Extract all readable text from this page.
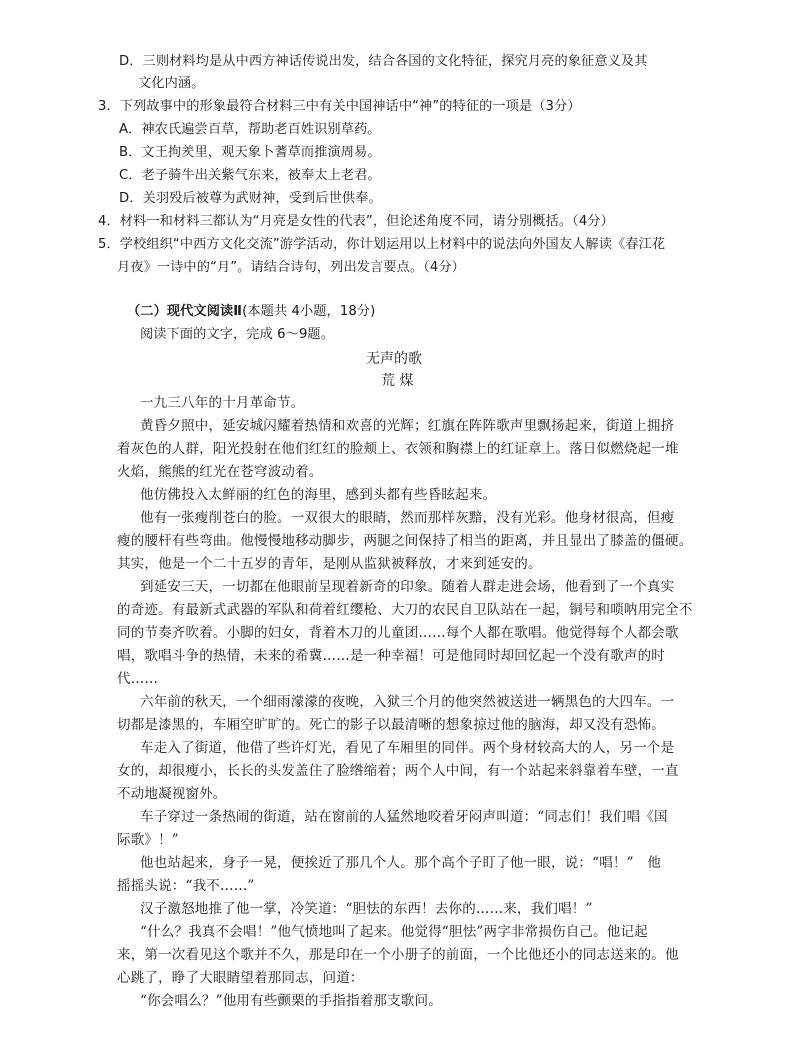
D．三则材料均是从中西方神话传说出发，结合各国的文化特征，探究月亮的象征意义及其
文化内涵。
3．下列故事中的形象最符合材料三中有关中国神话中“神”的特征的一项是（3分）
A．神农氏遍尝百草，帮助老百姓识别草药。
B．文王拘羑里，观天象卜蓍草而推演周易。
C．老子骑牛出关紫气东来，被奉太上老君。
D．关羽殁后被尊为武财神，受到后世供奉。
4．材料一和材料三都认为“月亮是女性的代表”，但论述角度不同，请分别概括。（4分）
5．学校组织“中西方文化交流”游学活动，你计划运用以上材料中的说法向外国友人解读《春江花
月夜》一诗中的“月”。请结合诗句，列出发言要点。（4分）
（二）现代文阅读Ⅱ(本题共 4小题，18分)
阅读下面的文字，完成 6～9题。
无声的歌
荒 煤
一九三八年的十月革命节。
黄昏夕照中，延安城闪耀着热情和欢喜的光辉；红旗在阵阵歌声里飘扬起来，街道上拥挤
着灰色的人群，阳光投射在他们红红的脸颊上、衣领和胸襟上的红证章上。落日似燃烧起一堆
火焰，熊熊的红光在苍穹波动着。
他仿佛投入太鲜丽的红色的海里，感到头都有些昏眩起来。
他有一张瘦削苍白的脸。一双很大的眼睛，然而那样灰黯，没有光彩。他身材很高，但瘦
瘦的腰杆有些弯曲。他慢慢地移动脚步，两腿之间保持了相当的距离，并且显出了膝盖的僵硬。
其实，他是一个二十五岁的青年，是刚从监狱被释放，才来到延安的。
到延安三天，一切都在他眼前呈现着新奇的印象。随着人群走进会场，他看到了一个真实
的奇迹。有最新式武器的军队和荷着红缨枪、大刀的农民自卫队站在一起，铜号和唢呐用完全不
同的节奏齐吹着。小脚的妇女，背着木刀的儿童团……每个人都在歌唱。他觉得每个人都会歌
唱，歌唱斗争的热情，未来的希冀……是一种幸福！可是他同时却回忆起一个没有歌声的时
代……
六年前的秋天，一个细雨濛濛的夜晚，入狱三个月的他突然被送进一辆黑色的大四车。一
切都是漆黑的，车厢空旷旷的。死亡的影子以最清晰的想象掠过他的脑海，却又没有恐怖。
车走入了街道，他借了些许灯光，看见了车厢里的同伴。两个身材较高大的人，另一个是
女的，却很瘦小，长长的头发盖住了脸绺缩着；两个人中间，有一个站起来斜靠着车壁，一直
不动地凝视窗外。
车子穿过一条热闹的街道，站在窗前的人猛然地咬着牙闷声叫道：“同志们！我们唱《国
际歌》！”
他也站起来，身子一晃，便挨近了那几个人。那个高个子盯了他一眼，说：“唱！”　他
摇摇头说：“我不……”
汉子激怒地推了他一掌，冷笑道：“胆怯的东西！去你的……来，我们唱！”
“什么？我真不会唱！”他气愤地叫了起来。他觉得“胆怯”两字非常损伤自己。他记起
来，第一次看见这个歌并不久，那是印在一个小册子的前面，一个比他还小的同志送来的。他
心跳了，睁了大眼睛望着那同志，问道：
“你会唱么？”他用有些颤栗的手指指着那支歌问。
